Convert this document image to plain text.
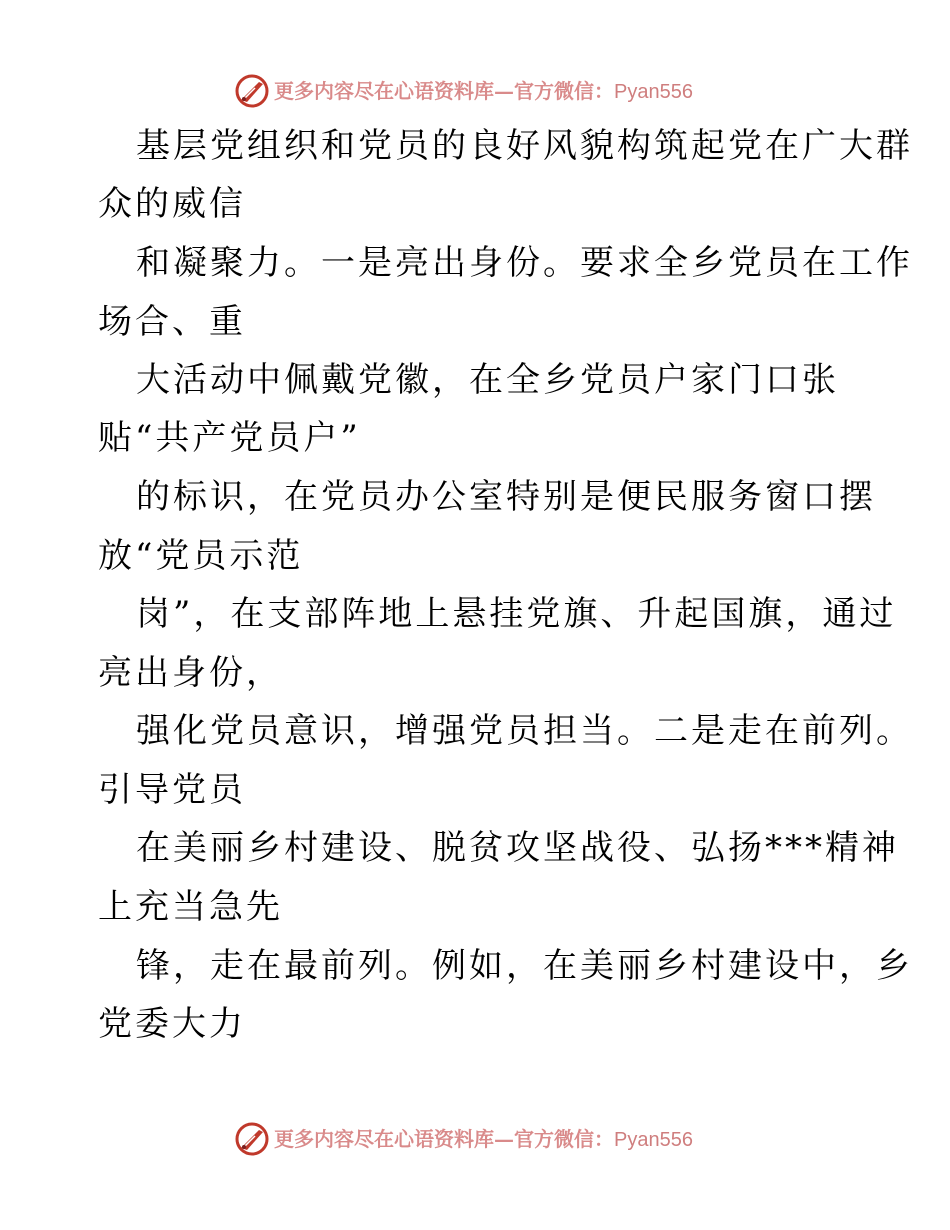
更多内容尽在心语资料库—官方微信：Pyan556
基层党组织和党员的良好风貌构筑起党在广大群
众的威信
和凝聚力。一是亮出身份。要求全乡党员在工作
场合、重
大活动中佩戴党徽，在全乡党员户家门口张
贴“共产党员户”
的标识，在党员办公室特别是便民服务窗口摆
放“党员示范
岗”，在支部阵地上悬挂党旗、升起国旗，通过
亮出身份，
强化党员意识，增强党员担当。二是走在前列。
引导党员
在美丽乡村建设、脱贫攻坚战役、弘扬***精神
上充当急先
锋，走在最前列。例如，在美丽乡村建设中，乡
党委大力
更多内容尽在心语资料库—官方微信：Pyan556
